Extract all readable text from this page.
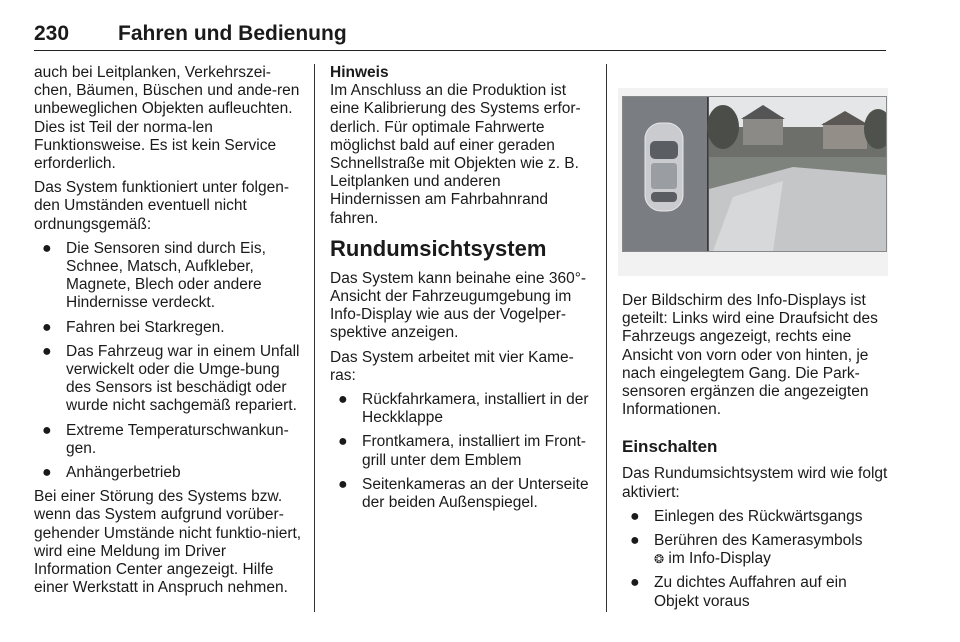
230 Fahren und Bedienung

auch bei Leitplanken, Verkehrszei-chen, Bäumen, Büschen und ande-ren unbeweglichen Objekten aufleuchten. Dies ist Teil der norma-len Funktionsweise. Es ist kein Service erforderlich.

Das System funktioniert unter folgen-den Umständen eventuell nicht ordnungsgemäß:

● Die Sensoren sind durch Eis, Schnee, Matsch, Aufkleber, Magnete, Blech oder andere Hindernisse verdeckt.
● Fahren bei Starkregen.
● Das Fahrzeug war in einem Unfall verwickelt oder die Umge-bung des Sensors ist beschädigt oder wurde nicht sachgemäß repariert.
● Extreme Temperaturschwankun-gen.
● Anhängerbetrieb

Bei einer Störung des Systems bzw. wenn das System aufgrund vorüber-gehender Umstände nicht funktio-niert, wird eine Meldung im Driver Information Center angezeigt. Hilfe einer Werkstatt in Anspruch nehmen.

Hinweis
Im Anschluss an die Produktion ist eine Kalibrierung des Systems erfor-derlich. Für optimale Fahrwerte möglichst bald auf einer geraden Schnellstraße mit Objekten wie z. B. Leitplanken und anderen Hindernissen am Fahrbahnrand fahren.

Rundumsichtsystem

Das System kann beinahe eine 360°-Ansicht der Fahrzeugumgebung im Info-Display wie aus der Vogelper-spektive anzeigen.

Das System arbeitet mit vier Kame-ras:

● Rückfahrkamera, installiert in der Heckklappe
● Frontkamera, installiert im Front-grill unter dem Emblem
● Seitenkameras an der Unterseite der beiden Außenspiegel.

Der Bildschirm des Info-Displays ist geteilt: Links wird eine Draufsicht des Fahrzeugs angezeigt, rechts eine Ansicht von vorn oder von hinten, je nach eingelegtem Gang. Die Park-sensoren ergänzen die angezeigten Informationen.

Einschalten

Das Rundumsichtsystem wird wie folgt aktiviert:

● Einlegen des Rückwärtsgangs
● Berühren des Kamerasymbols
❂ im Info-Display
● Zu dichtes Auffahren auf ein Objekt voraus
